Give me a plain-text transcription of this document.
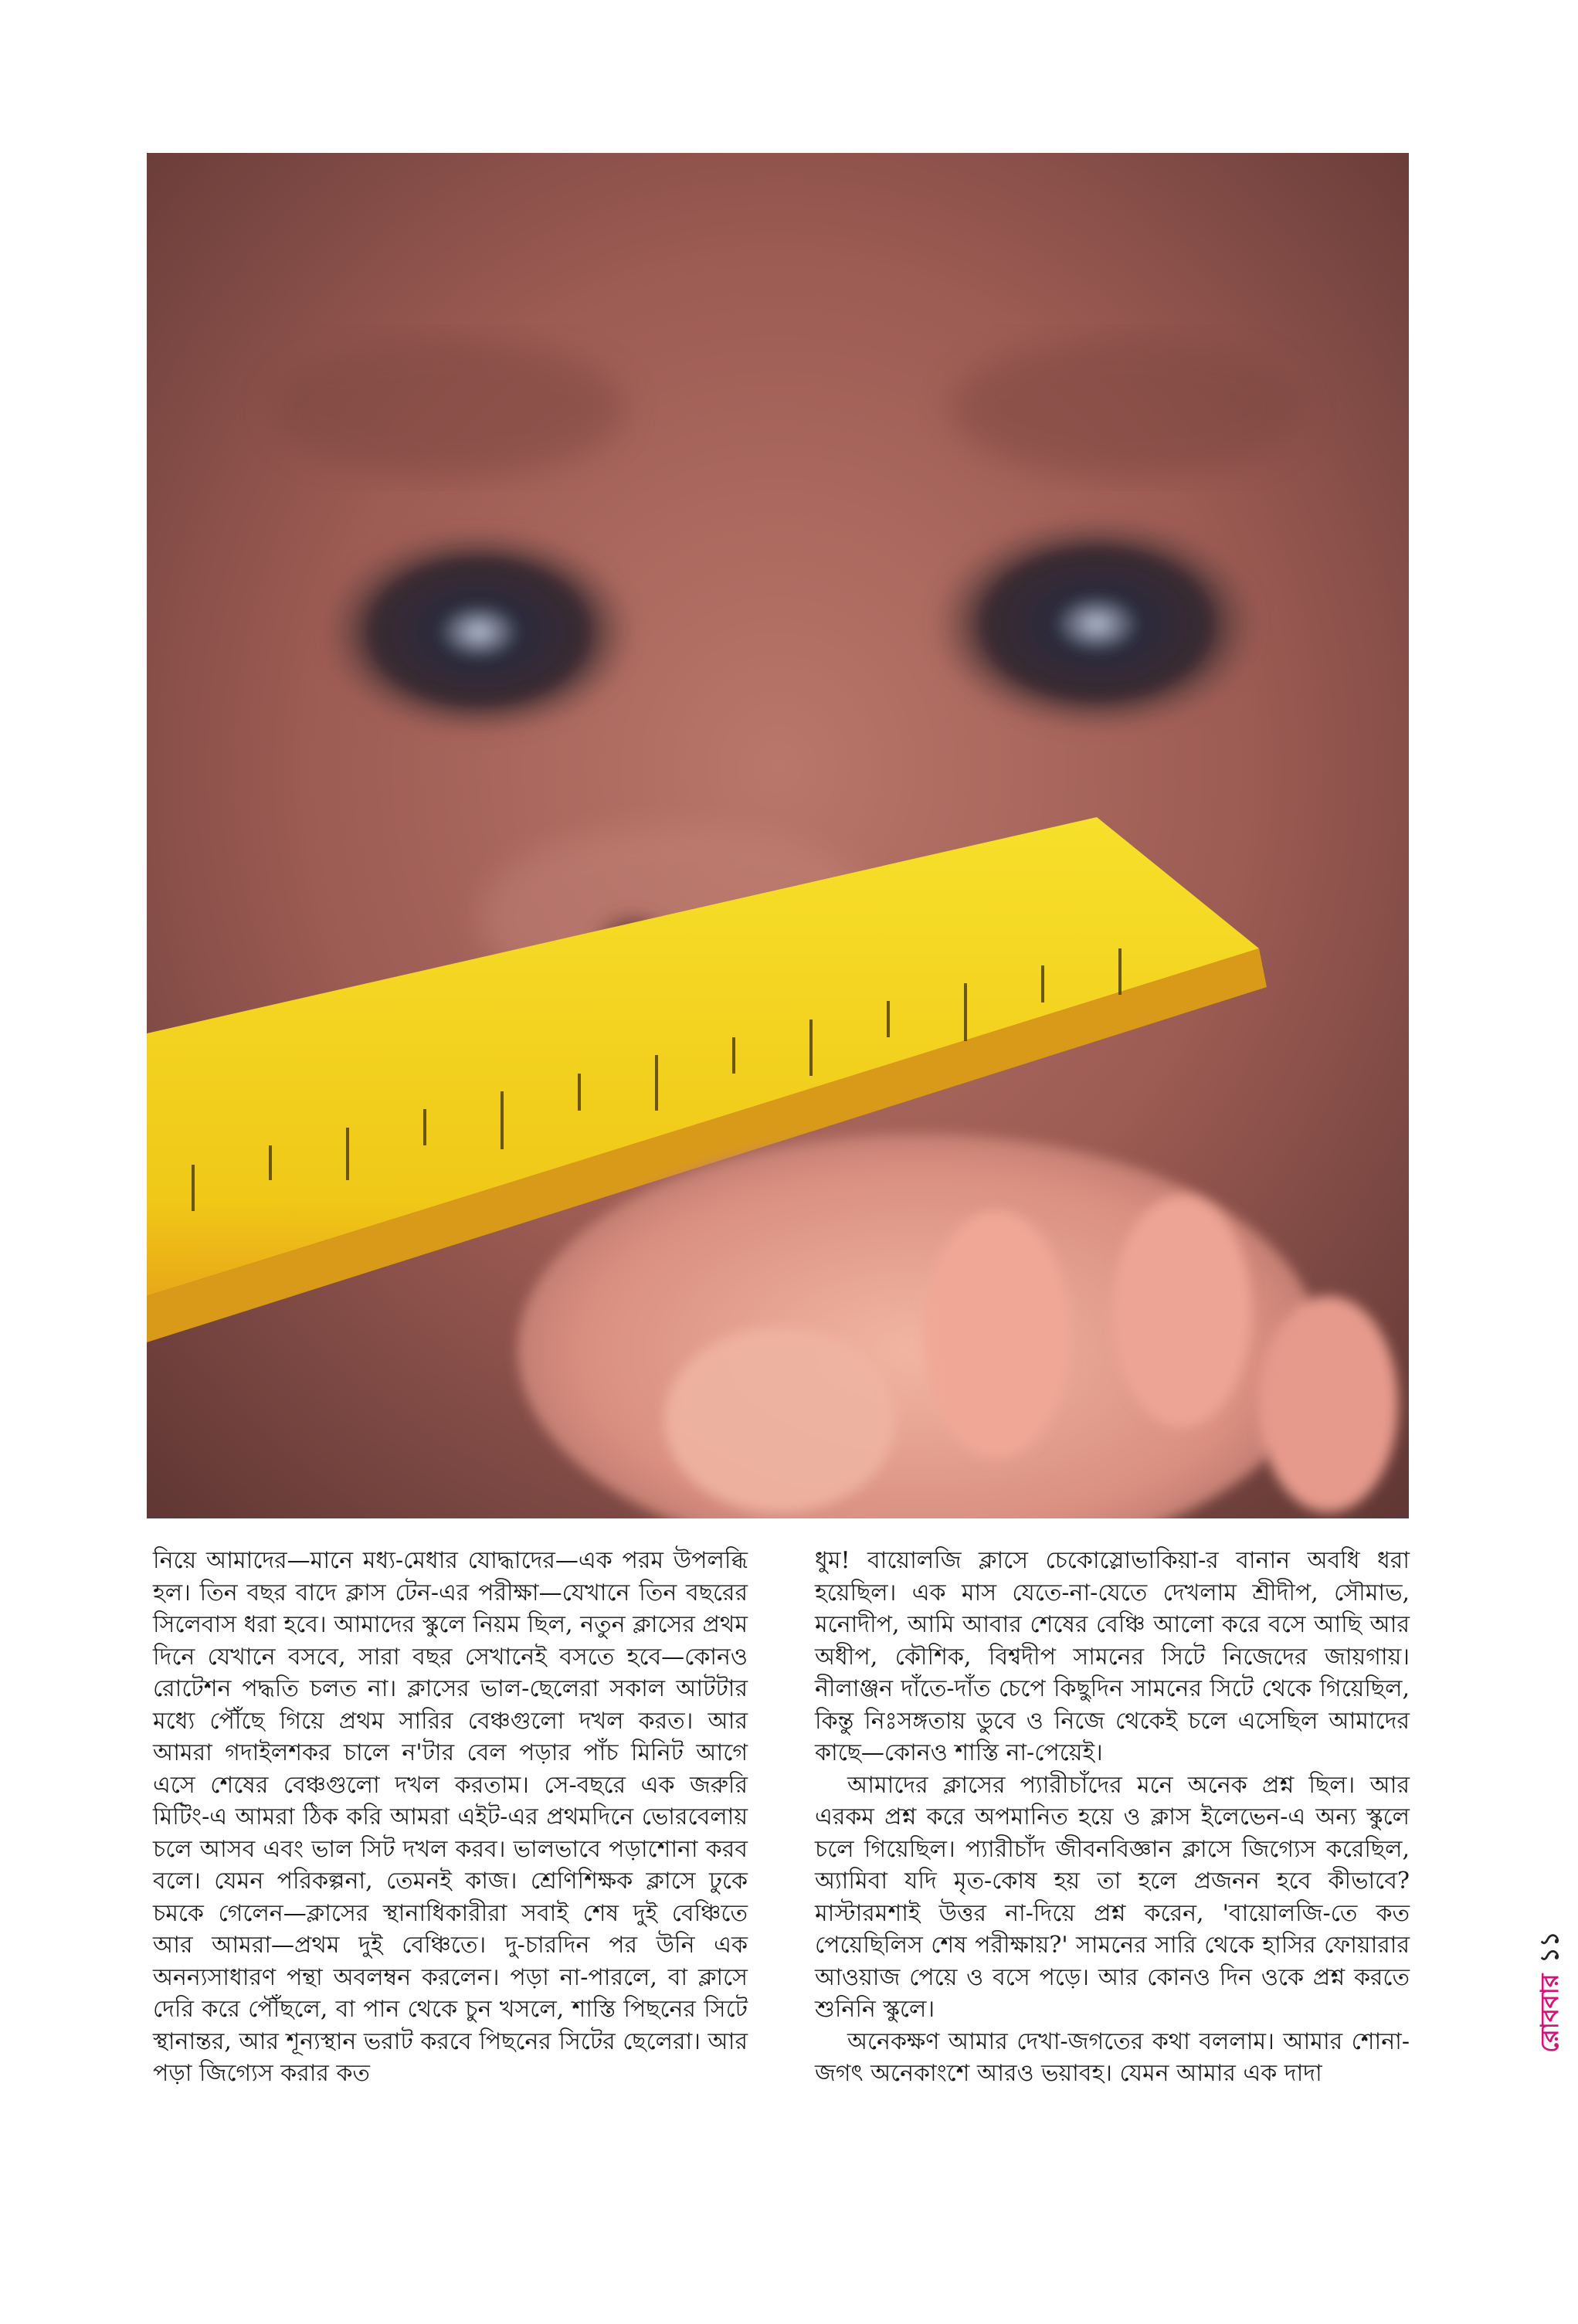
নিয়ে আমাদের—মানে মধ্য-মেধার যোদ্ধাদের—এক পরম উপলব্ধি হল। তিন বছর বাদে ক্লাস টেন-এর পরীক্ষা—যেখানে তিন বছরের সিলেবাস ধরা হবে। আমাদের স্কুলে নিয়ম ছিল, নতুন ক্লাসের প্রথম দিনে যেখানে বসবে, সারা বছর সেখানেই বসতে হবে—কোনও রোটেশন পদ্ধতি চলত না। ক্লাসের ভাল-ছেলেরা সকাল আটটার মধ্যে পৌঁছে গিয়ে প্রথম সারির বেঞ্চগুলো দখল করত। আর আমরা গদাইলশকর চালে ন'টার বেল পড়ার পাঁচ মিনিট আগে এসে শেষের বেঞ্চগুলো দখল করতাম। সে-বছরে এক জরুরি মিটিং-এ আমরা ঠিক করি আমরা এইট-এর প্রথমদিনে ভোরবেলায় চলে আসব এবং ভাল সিট দখল করব। ভালভাবে পড়াশোনা করব বলে। যেমন পরিকল্পনা, তেমনই কাজ। শ্রেণিশিক্ষক ক্লাসে ঢুকে চমকে গেলেন—ক্লাসের স্থানাধিকারীরা সবাই শেষ দুই বেঞ্চিতে আর আমরা—প্রথম দুই বেঞ্চিতে। দু-চারদিন পর উনি এক অনন্যসাধারণ পন্থা অবলম্বন করলেন। পড়া না-পারলে, বা ক্লাসে দেরি করে পৌঁছলে, বা পান থেকে চুন খসলে, শাস্তি পিছনের সিটে স্থানান্তর, আর শূন্যস্থান ভরাট করবে পিছনের সিটের ছেলেরা। আর পড়া জিগ্যেস করার কত

ধুম! বায়োলজি ক্লাসে চেকোস্লোভাকিয়া-র বানান অবধি ধরা হয়েছিল। এক মাস যেতে-না-যেতে দেখলাম শ্রীদীপ, সৌমাভ, মনোদীপ, আমি আবার শেষের বেঞ্চি আলো করে বসে আছি আর অধীপ, কৌশিক, বিশ্বদীপ সামনের সিটে নিজেদের জায়গায়। নীলাঞ্জন দাঁতে-দাঁত চেপে কিছুদিন সামনের সিটে থেকে গিয়েছিল, কিন্তু নিঃসঙ্গতায় ডুবে ও নিজে থেকেই চলে এসেছিল আমাদের কাছে—কোনও শাস্তি না-পেয়েই।

আমাদের ক্লাসের প্যারীচাঁদের মনে অনেক প্রশ্ন ছিল। আর এরকম প্রশ্ন করে অপমানিত হয়ে ও ক্লাস ইলেভেন-এ অন্য স্কুলে চলে গিয়েছিল। প্যারীচাঁদ জীবনবিজ্ঞান ক্লাসে জিগ্যেস করেছিল, অ্যামিবা যদি মৃত-কোষ হয় তা হলে প্রজনন হবে কীভাবে? মাস্টারমশাই উত্তর না-দিয়ে প্রশ্ন করেন, 'বায়োলজি-তে কত পেয়েছিলিস শেষ পরীক্ষায়?' সামনের সারি থেকে হাসির ফোয়ারার আওয়াজ পেয়ে ও বসে পড়ে। আর কোনও দিন ওকে প্রশ্ন করতে শুনিনি স্কুলে।

অনেকক্ষণ আমার দেখা-জগতের কথা বললাম। আমার শোনা-জগৎ অনেকাংশে আরও ভয়াবহ। যেমন আমার এক দাদা

রোববার
১১
